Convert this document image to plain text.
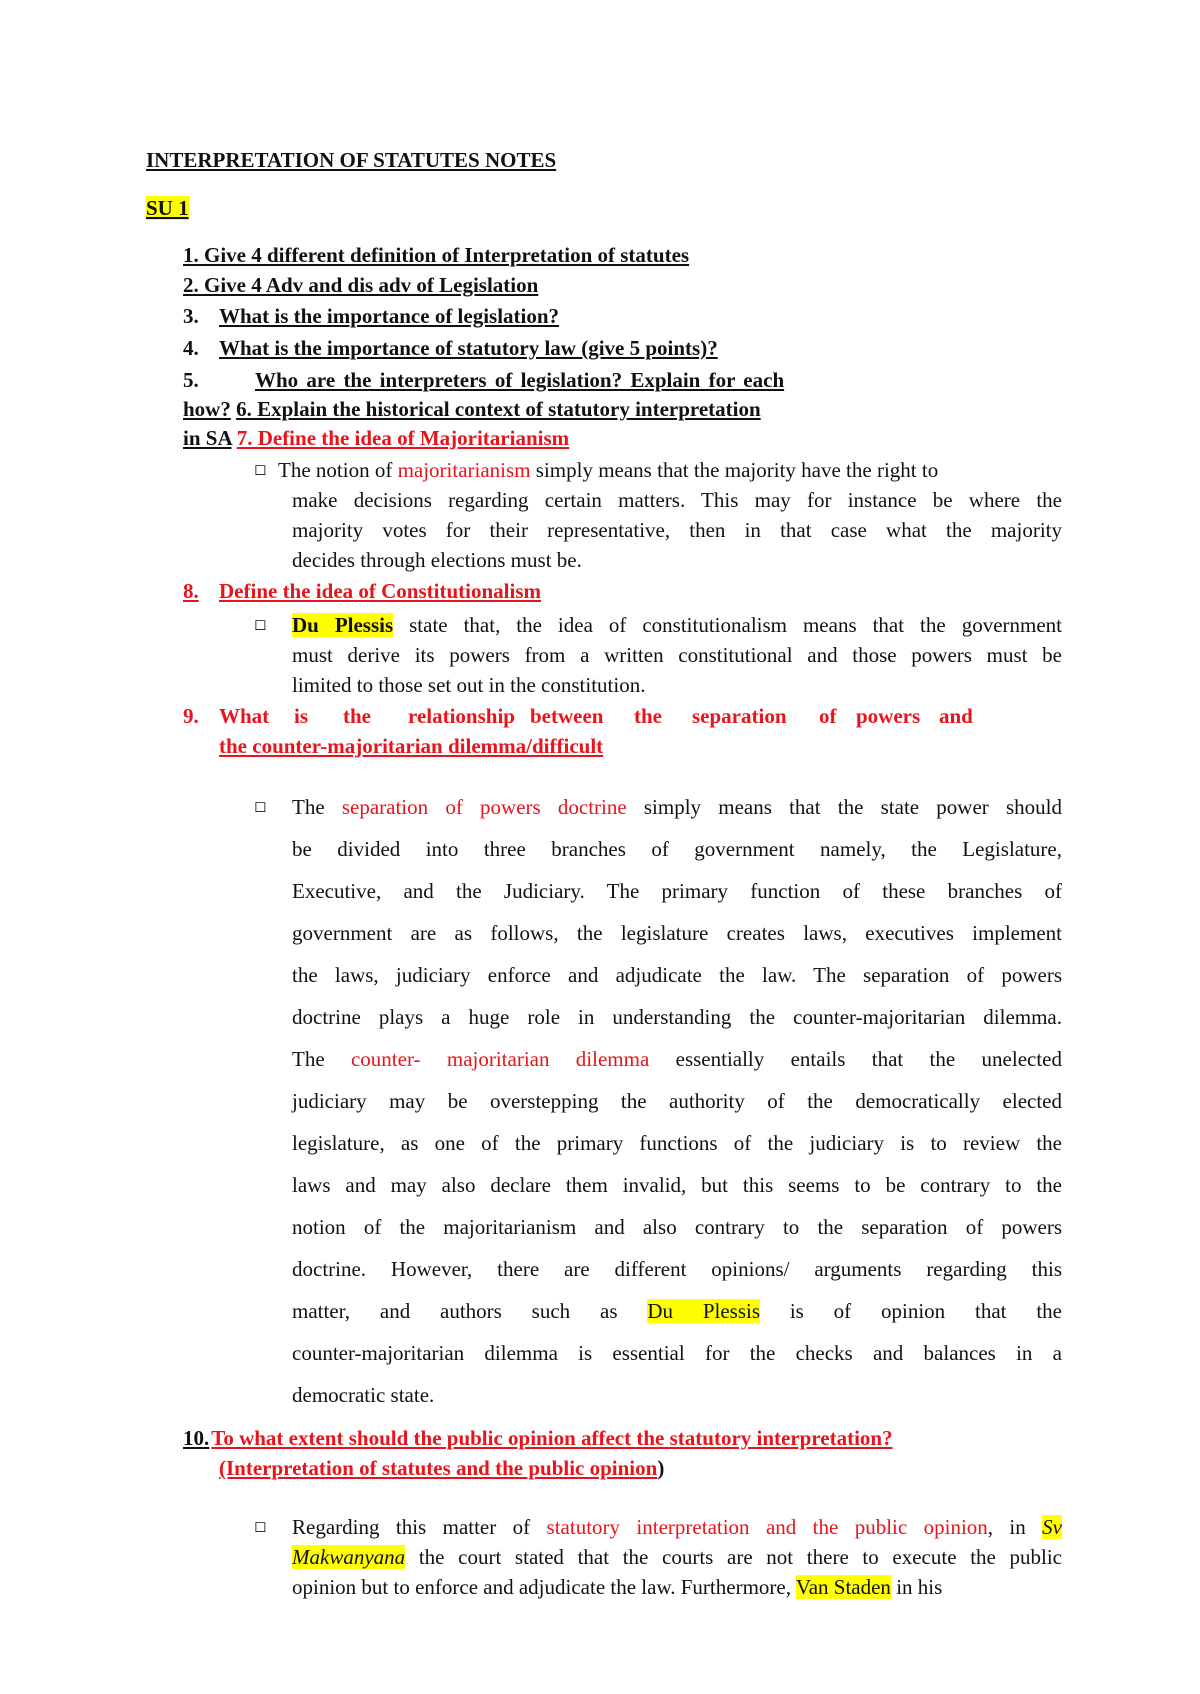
INTERPRETATION OF STATUTES NOTES
SU 1
1. Give 4 different definition of Interpretation of statutes
2. Give 4 Adv and dis adv of Legislation
3. What is the importance of legislation?
4. What is the importance of statutory law (give 5 points)?
5.	Who are the interpreters of legislation? Explain for each
how? 6. Explain the historical context of statutory interpretation
in SA 7. Define the idea of Majoritarianism
◻ The notion of majoritarianism simply means that the majority have the right to
make decisions regarding certain matters. This may for instance be where the
majority votes for their representative, then in that case what the majority
decides through elections must be.
8. Define the idea of Constitutionalism
◻ Du Plessis state that, the idea of constitutionalism means that the government
must derive its powers from a written constitutional and those powers must be
limited to those set out in the constitution.
9. What is the relationship between the separation of powers and
the counter-majoritarian dilemma/difficult
◻ The separation of powers doctrine simply means that the state power should
be divided into three branches of government namely, the Legislature,
Executive, and the Judiciary. The primary function of these branches of
government are as follows, the legislature creates laws, executives implement
the laws, judiciary enforce and adjudicate the law. The separation of powers
doctrine plays a huge role in understanding the counter-majoritarian dilemma.
The counter- majoritarian dilemma essentially entails that the unelected
judiciary may be overstepping the authority of the democratically elected
legislature, as one of the primary functions of the judiciary is to review the
laws and may also declare them invalid, but this seems to be contrary to the
notion of the majoritarianism and also contrary to the separation of powers
doctrine. However, there are different opinions/ arguments regarding this
matter, and authors such as Du Plessis is of opinion that the
counter-majoritarian dilemma is essential for the checks and balances in a
democratic state.
10.To what extent should the public opinion affect the statutory interpretation?
(Interpretation of statutes and the public opinion)
◻ Regarding this matter of statutory interpretation and the public opinion, in Sv
Makwanyana the court stated that the courts are not there to execute the public
opinion but to enforce and adjudicate the law. Furthermore, Van Staden in his
